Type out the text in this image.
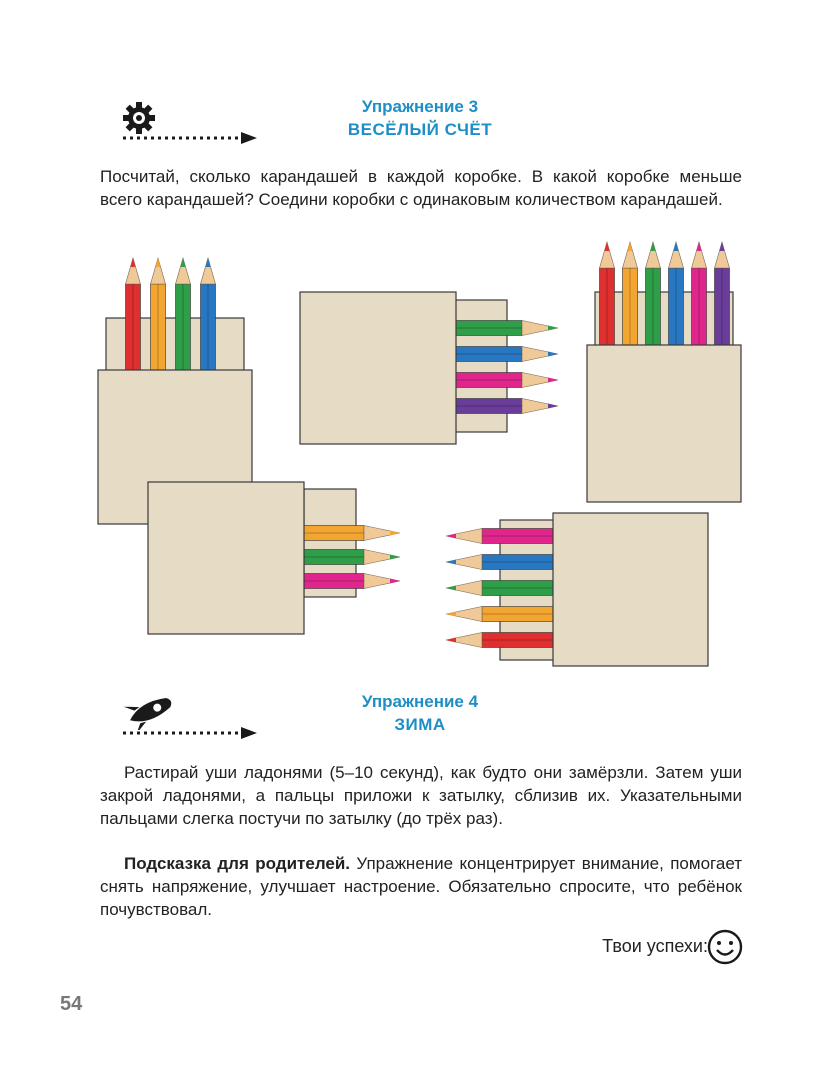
Упражнение 3
ВЕСЁЛЫЙ СЧЁТ
Посчитай, сколько карандашей в каждой коробке. В какой коробке меньше всего карандашей? Соедини коробки с одинаковым количеством карандашей.
Упражнение 4
ЗИМА
Растирай уши ладонями (5–10 секунд), как будто они замёрзли. Затем уши закрой ладонями, а пальцы приложи к затылку, сблизив их. Указательными пальцами слегка постучи по затылку (до трёх раз).
Подсказка для родителей. Упражнение концентрирует внимание, помогает снять напряжение, улучшает настроение. Обязательно спросите, что ребёнок почувствовал.
Твои успехи:
54
